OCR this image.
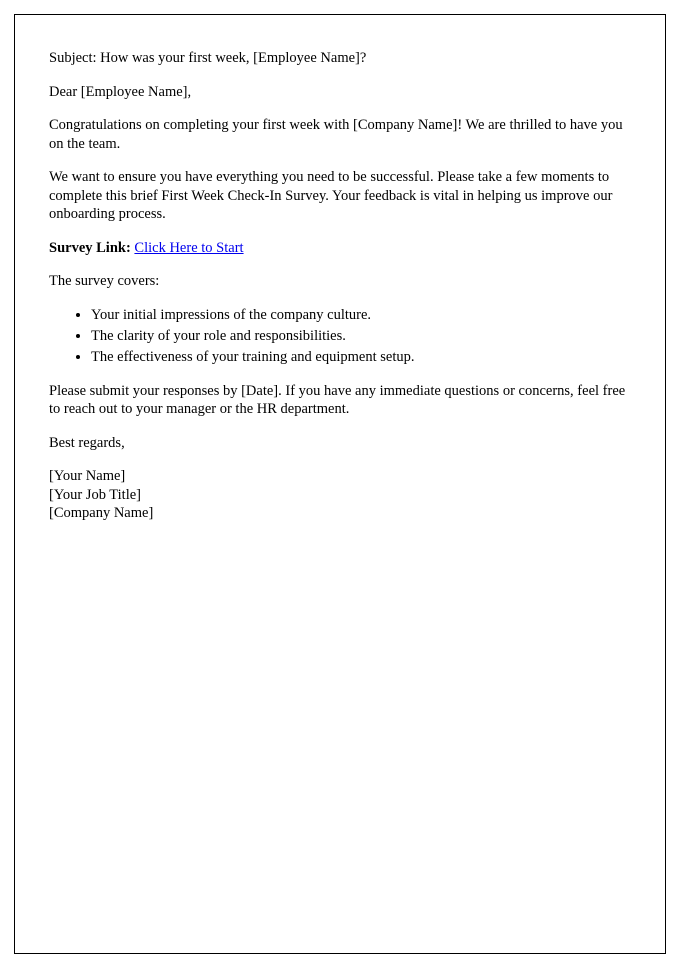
Subject: How was your first week, [Employee Name]?

Dear [Employee Name],

Congratulations on completing your first week with [Company Name]! We are thrilled to have you on the team.

We want to ensure you have everything you need to be successful. Please take a few moments to complete this brief First Week Check-In Survey. Your feedback is vital in helping us improve our onboarding process.

Survey Link: Click Here to Start

The survey covers:

• Your initial impressions of the company culture.
• The clarity of your role and responsibilities.
• The effectiveness of your training and equipment setup.

Please submit your responses by [Date]. If you have any immediate questions or concerns, feel free to reach out to your manager or the HR department.

Best regards,

[Your Name]
[Your Job Title]
[Company Name]
